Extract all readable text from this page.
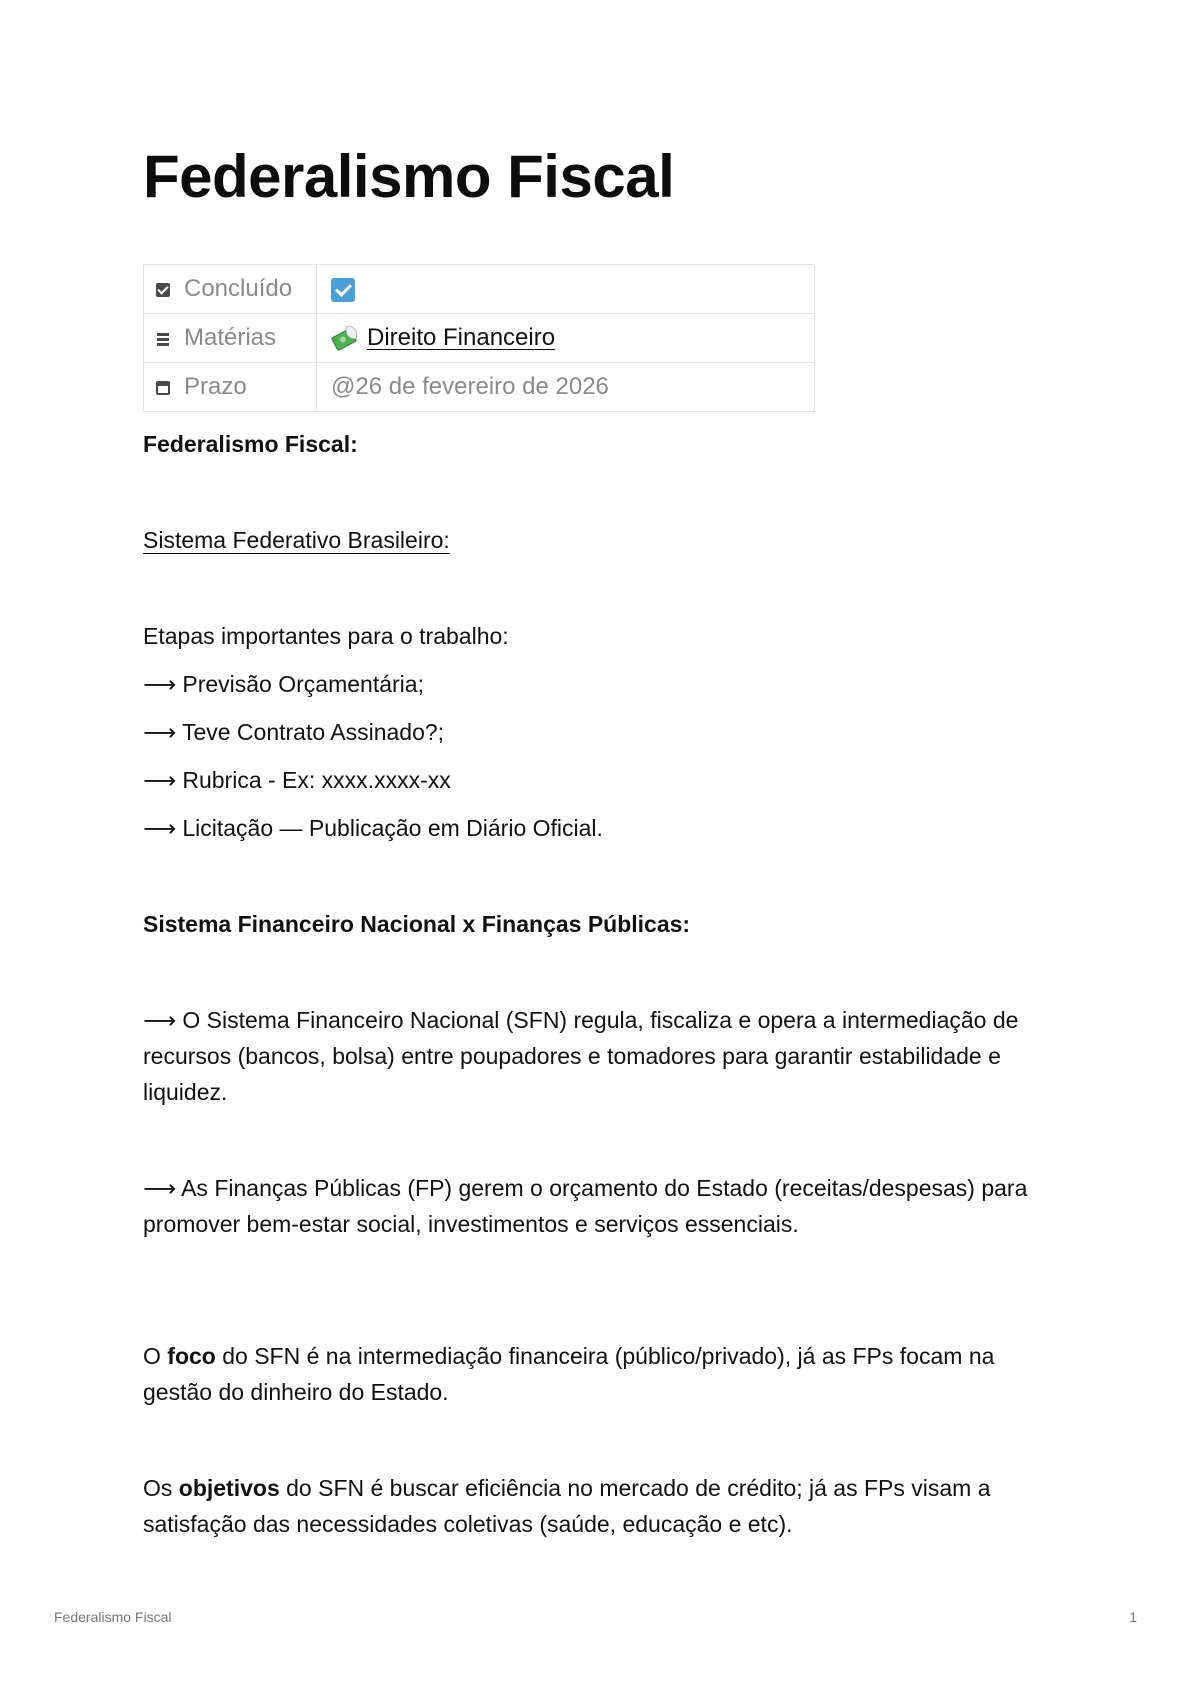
Federalismo Fiscal
Concluído	

Matérias	Direito Financeiro
Prazo	@26 de fevereiro de 2026

Federalismo Fiscal:

Sistema Federativo Brasileiro:

Etapas importantes para o trabalho:

⟶ Previsão Orçamentária;

⟶ Teve Contrato Assinado?;

⟶ Rubrica - Ex: xxxx.xxxx-xx

⟶ Licitação — Publicação em Diário Oficial.

Sistema Financeiro Nacional x Finanças Públicas:

⟶ O Sistema Financeiro Nacional (SFN) regula, fiscaliza e opera a intermediação de recursos (bancos, bolsa) entre poupadores e tomadores para garantir estabilidade e liquidez.

⟶ As Finanças Públicas (FP) gerem o orçamento do Estado (receitas/despesas) para promover bem-estar social, investimentos e serviços essenciais.

O foco do SFN é na intermediação financeira (público/privado), já as FPs focam na gestão do dinheiro do Estado.

Os objetivos do SFN é buscar eficiência no mercado de crédito; já as FPs visam a satisfação das necessidades coletivas (saúde, educação e etc).

Federalismo Fiscal	1
